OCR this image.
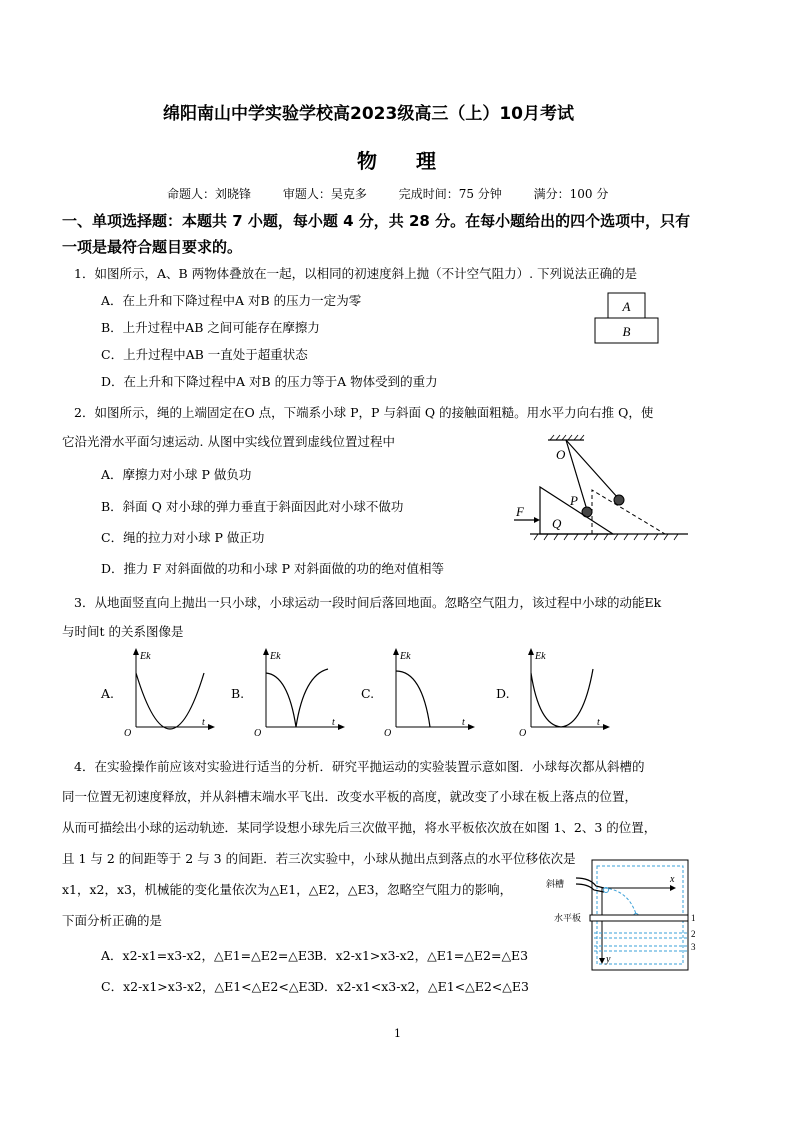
绵阳南山中学实验学校高2023级高三（上）10月考试
物 理
命题人：刘晓锋	审题人：吴克多	完成时间：75 分钟	满分：100 分
一、单项选择题：本题共 7 小题，每小题 4 分，共 28 分。在每小题给出的四个选项中，只有
一项是最符合题目要求的。
1．如图所示，A、B 两物体叠放在一起，以相同的初速度斜上抛（不计空气阻力）. 下列说法正确的是
A．在上升和下降过程中A 对B 的压力一定为零
B．上升过程中AB 之间可能存在摩擦力
C．上升过程中AB 一直处于超重状态
D．在上升和下降过程中A 对B 的压力等于A 物体受到的重力
A
B
2．如图所示，绳的上端固定在O 点，下端系小球 P，P 与斜面 Q 的接触面粗糙。用水平力向右推 Q，使
它沿光滑水平面匀速运动. 从图中实线位置到虚线位置过程中
A．摩擦力对小球 P 做负功
B．斜面 Q 对小球的弹力垂直于斜面因此对小球不做功
C．绳的拉力对小球 P 做正功
D．推力 F 对斜面做的功和小球 P 对斜面做的功的绝对值相等
O
P
Q
F
3．从地面竖直向上抛出一只小球，小球运动一段时间后落回地面。忽略空气阻力，该过程中小球的动能Ek
与时间t 的关系图像是
A.
Ek
t
O
B.
Ek
t
O
C.
Ek
t
O
D.
Ek
t
O
4．在实验操作前应该对实验进行适当的分析．研究平抛运动的实验装置示意如图．小球每次都从斜槽的
同一位置无初速度释放，并从斜槽末端水平飞出．改变水平板的高度，就改变了小球在板上落点的位置，
从而可描绘出小球的运动轨迹．某同学设想小球先后三次做平抛，将水平板依次放在如图 1、2、3 的位置，
且 1 与 2 的间距等于 2 与 3 的间距．若三次实验中，小球从抛出点到落点的水平位移依次是
x1，x2，x3，机械能的变化量依次为△E1，△E2，△E3，忽略空气阻力的影响，
下面分析正确的是
A．x2-x1=x3-x2，△E1=△E2=△E3 B．x2-x1>x3-x2，△E1=△E2=△E3
C．x2-x1>x3-x2，△E1<△E2<△E3
D．x2-x1<x3-x2，△E1<△E2<△E3
斜槽	x
y
水平板	1
2
3
1
